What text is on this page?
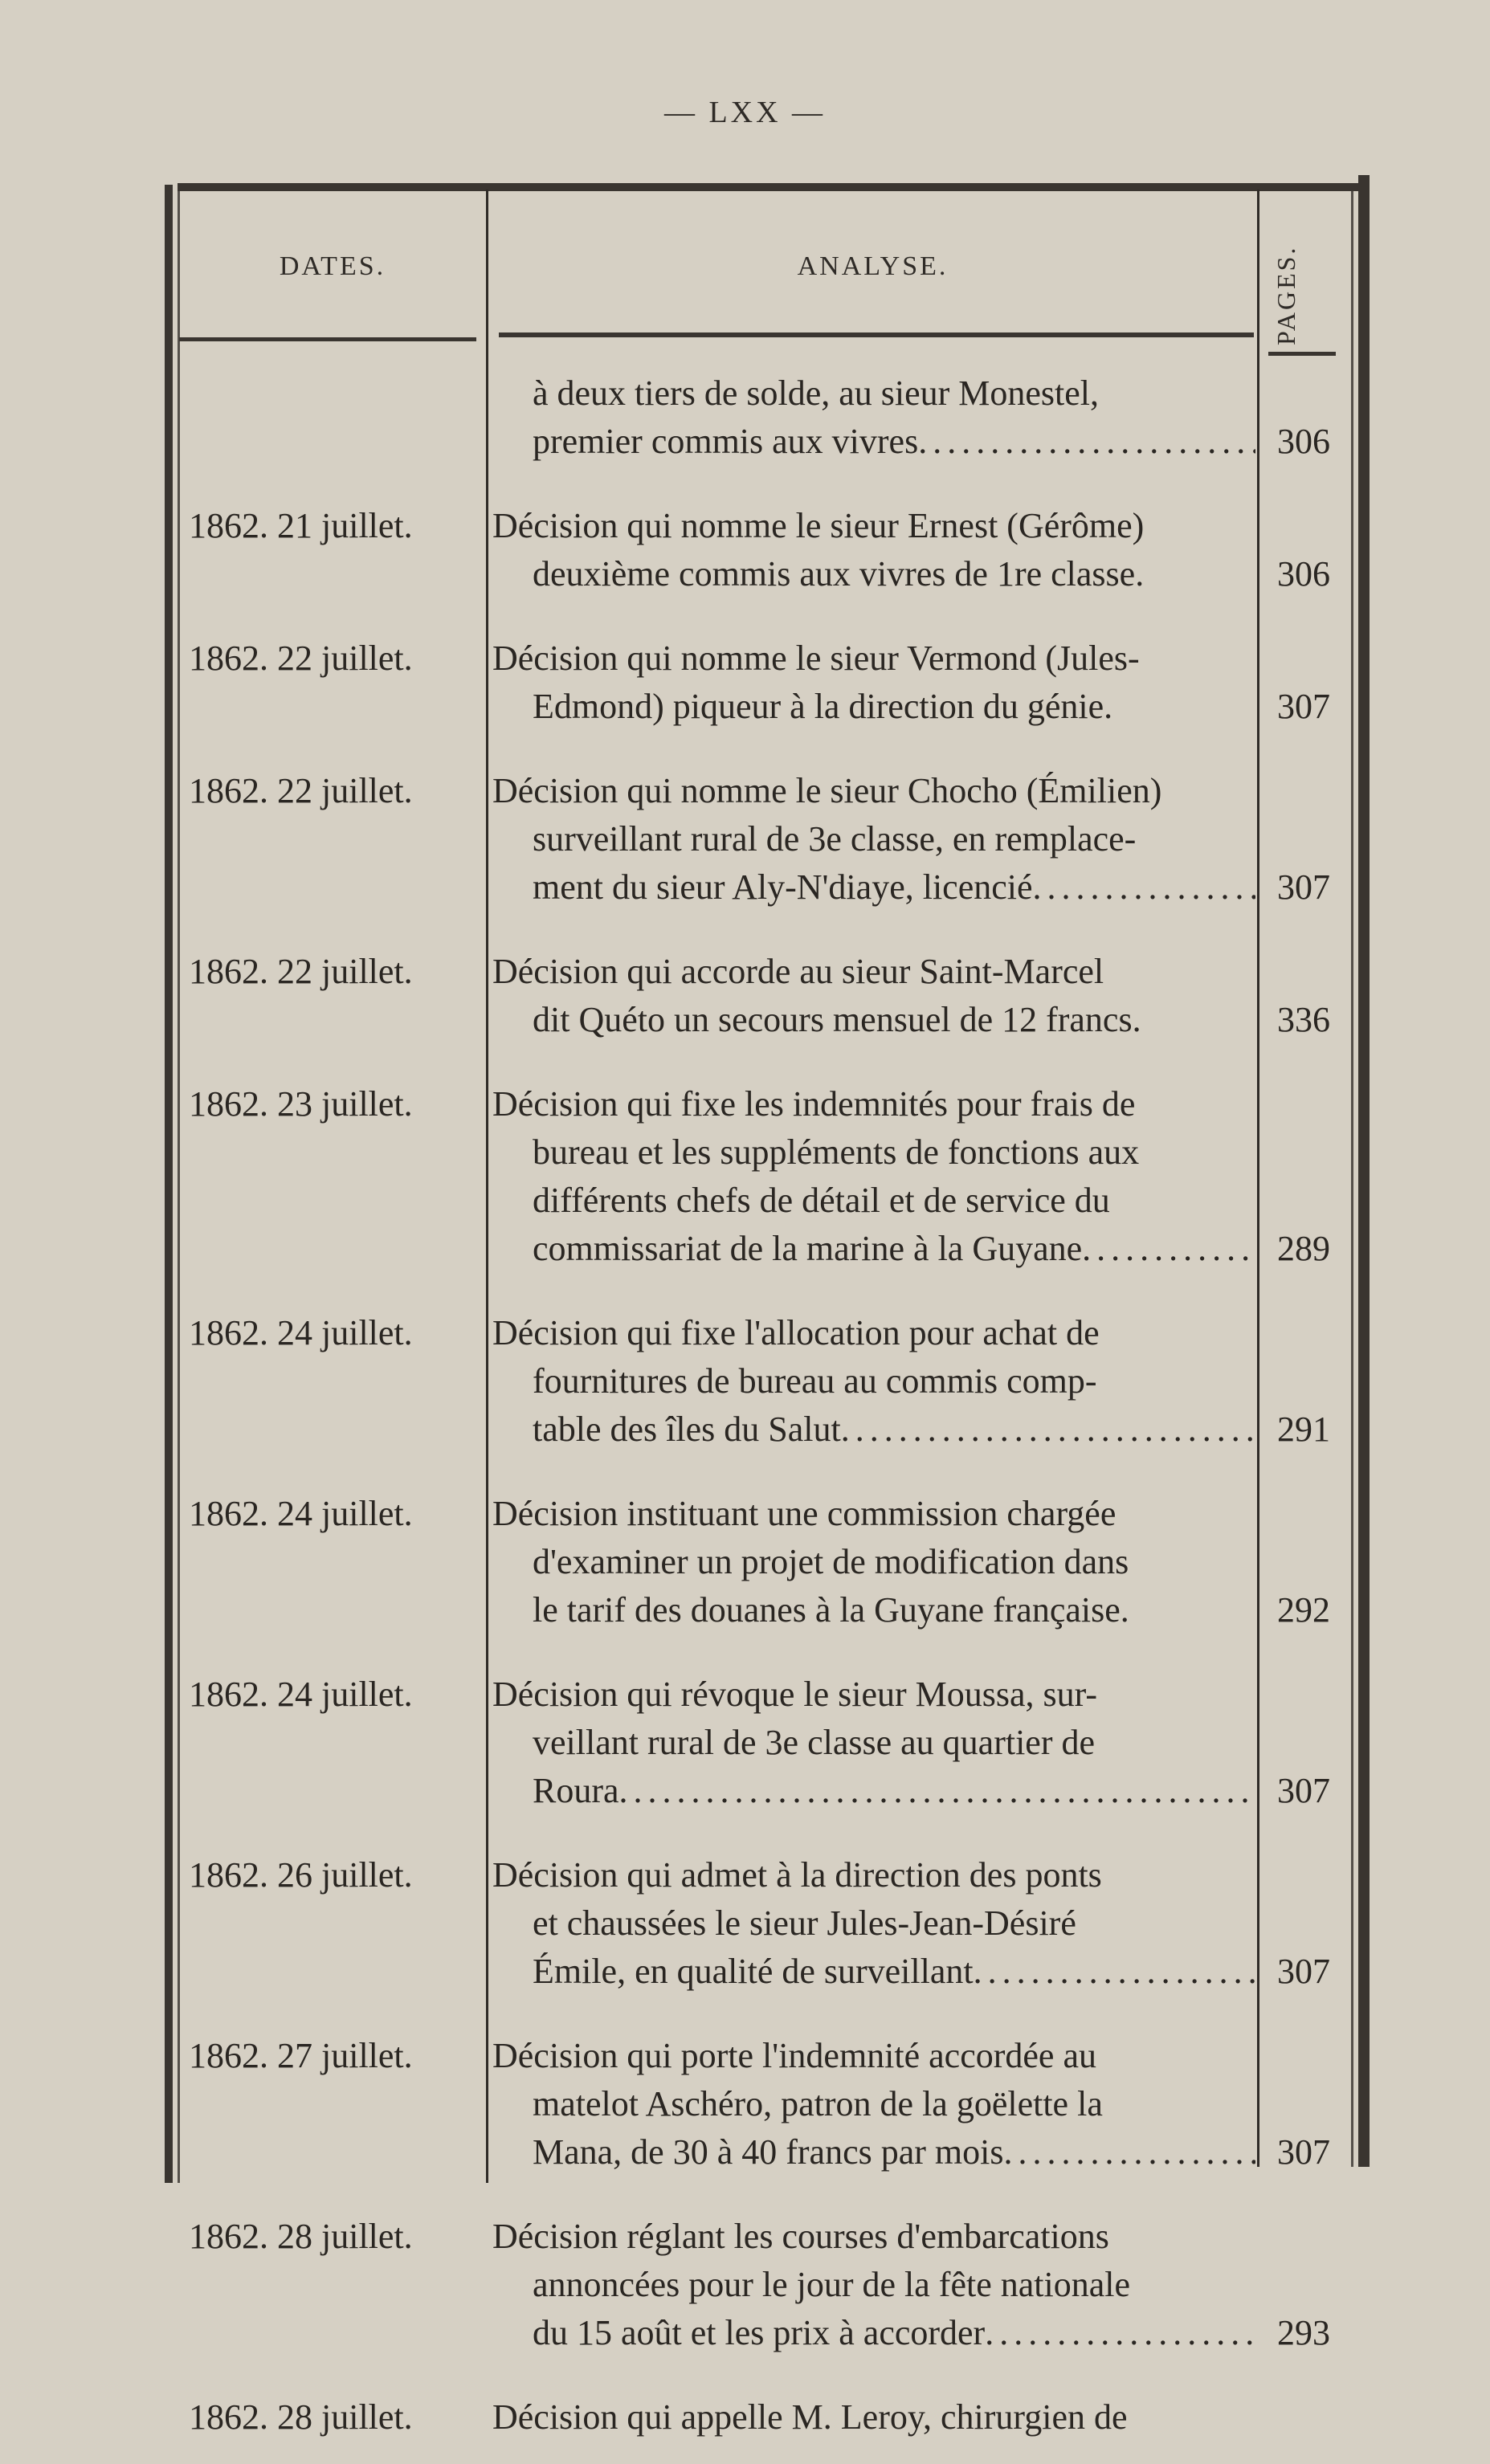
— LXX —
DATES.	ANALYSE.	PAGES.
à deux tiers de solde, au sieur Monestel,
premier commis aux vivres . . .	306
1862. 21 juillet.	Décision qui nomme le sieur Ernest (Gérôme)
deuxième commis aux vivres de 1re classe.	306
1862. 22 juillet.	Décision qui nomme le sieur Vermond (Jules-
Edmond) piqueur à la direction du génie.	307
1862. 22 juillet.	Décision qui nomme le sieur Chocho (Émilien)
surveillant rural de 3e classe, en remplace-
ment du sieur Aly-N'diaye, licencié . . .	307
1862. 22 juillet.	Décision qui accorde au sieur Saint-Marcel
dit Quéto un secours mensuel de 12 francs.	336
1862. 23 juillet.	Décision qui fixe les indemnités pour frais de
bureau et les suppléments de fonctions aux
différents chefs de détail et de service du
commissariat de la marine à la Guyane . . .	289
1862. 24 juillet.	Décision qui fixe l'allocation pour achat de
fournitures de bureau au commis comp-
table des îles du Salut . . .	291
1862. 24 juillet.	Décision instituant une commission chargée
d'examiner un projet de modification dans
le tarif des douanes à la Guyane française.	292
1862. 24 juillet.	Décision qui révoque le sieur Moussa, sur-
veillant rural de 3e classe au quartier de
Roura . . .	307
1862. 26 juillet.	Décision qui admet à la direction des ponts
et chaussées le sieur Jules-Jean-Désiré
Émile, en qualité de surveillant . . .	307
1862. 27 juillet.	Décision qui porte l'indemnité accordée au
matelot Aschéro, patron de la goëlette la
Mana, de 30 à 40 francs par mois . . .	307
1862. 28 juillet.	Décision réglant les courses d'embarcations
annoncées pour le jour de la fête nationale
du 15 août et les prix à accorder . . .	293
1862. 28 juillet.	Décision qui appelle M. Leroy, chirurgien de
